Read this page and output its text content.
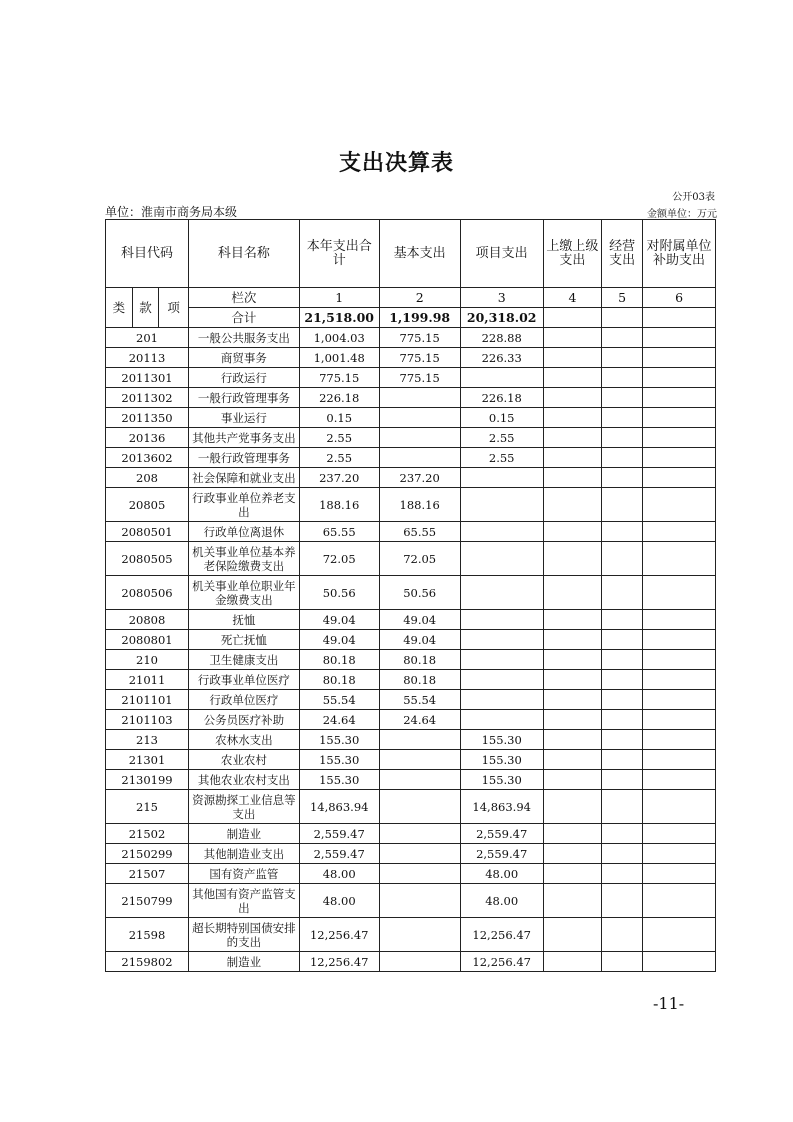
支出决算表
公开03表
单位：淮南市商务局本级	金额单位：万元
科目代码			科目名称	本年支出合计	基本支出	项目支出	上缴上级支出	经营支出	对附属单位补助支出
类	款	项	栏次	1	2	3	4	5	6
			合计	21,518.00	1,199.98	20,318.02			
201			一般公共服务支出	1,004.03	775.15	228.88			
20113			商贸事务	1,001.48	775.15	226.33			
2011301			行政运行	775.15	775.15				
2011302			一般行政管理事务	226.18		226.18			
2011350			事业运行	0.15		0.15			
20136			其他共产党事务支出	2.55		2.55			
2013602			一般行政管理事务	2.55		2.55			
208			社会保障和就业支出	237.20	237.20				
20805			行政事业单位养老支出	188.16	188.16				
2080501			行政单位离退休	65.55	65.55				
2080505			机关事业单位基本养老保险缴费支出	72.05	72.05				
2080506			机关事业单位职业年金缴费支出	50.56	50.56				
20808			抚恤	49.04	49.04				
2080801			死亡抚恤	49.04	49.04				
210			卫生健康支出	80.18	80.18				
21011			行政事业单位医疗	80.18	80.18				
2101101			行政单位医疗	55.54	55.54				
2101103			公务员医疗补助	24.64	24.64				
213			农林水支出	155.30		155.30			
21301			农业农村	155.30		155.30			
2130199			其他农业农村支出	155.30		155.30			
215			资源勘探工业信息等支出	14,863.94		14,863.94			
21502			制造业	2,559.47		2,559.47			
2150299			其他制造业支出	2,559.47		2,559.47			
21507			国有资产监管	48.00		48.00			
2150799			其他国有资产监管支出	48.00		48.00			
21598			超长期特别国债安排的支出	12,256.47		12,256.47			
2159802			制造业	12,256.47		12,256.47			
-11-
